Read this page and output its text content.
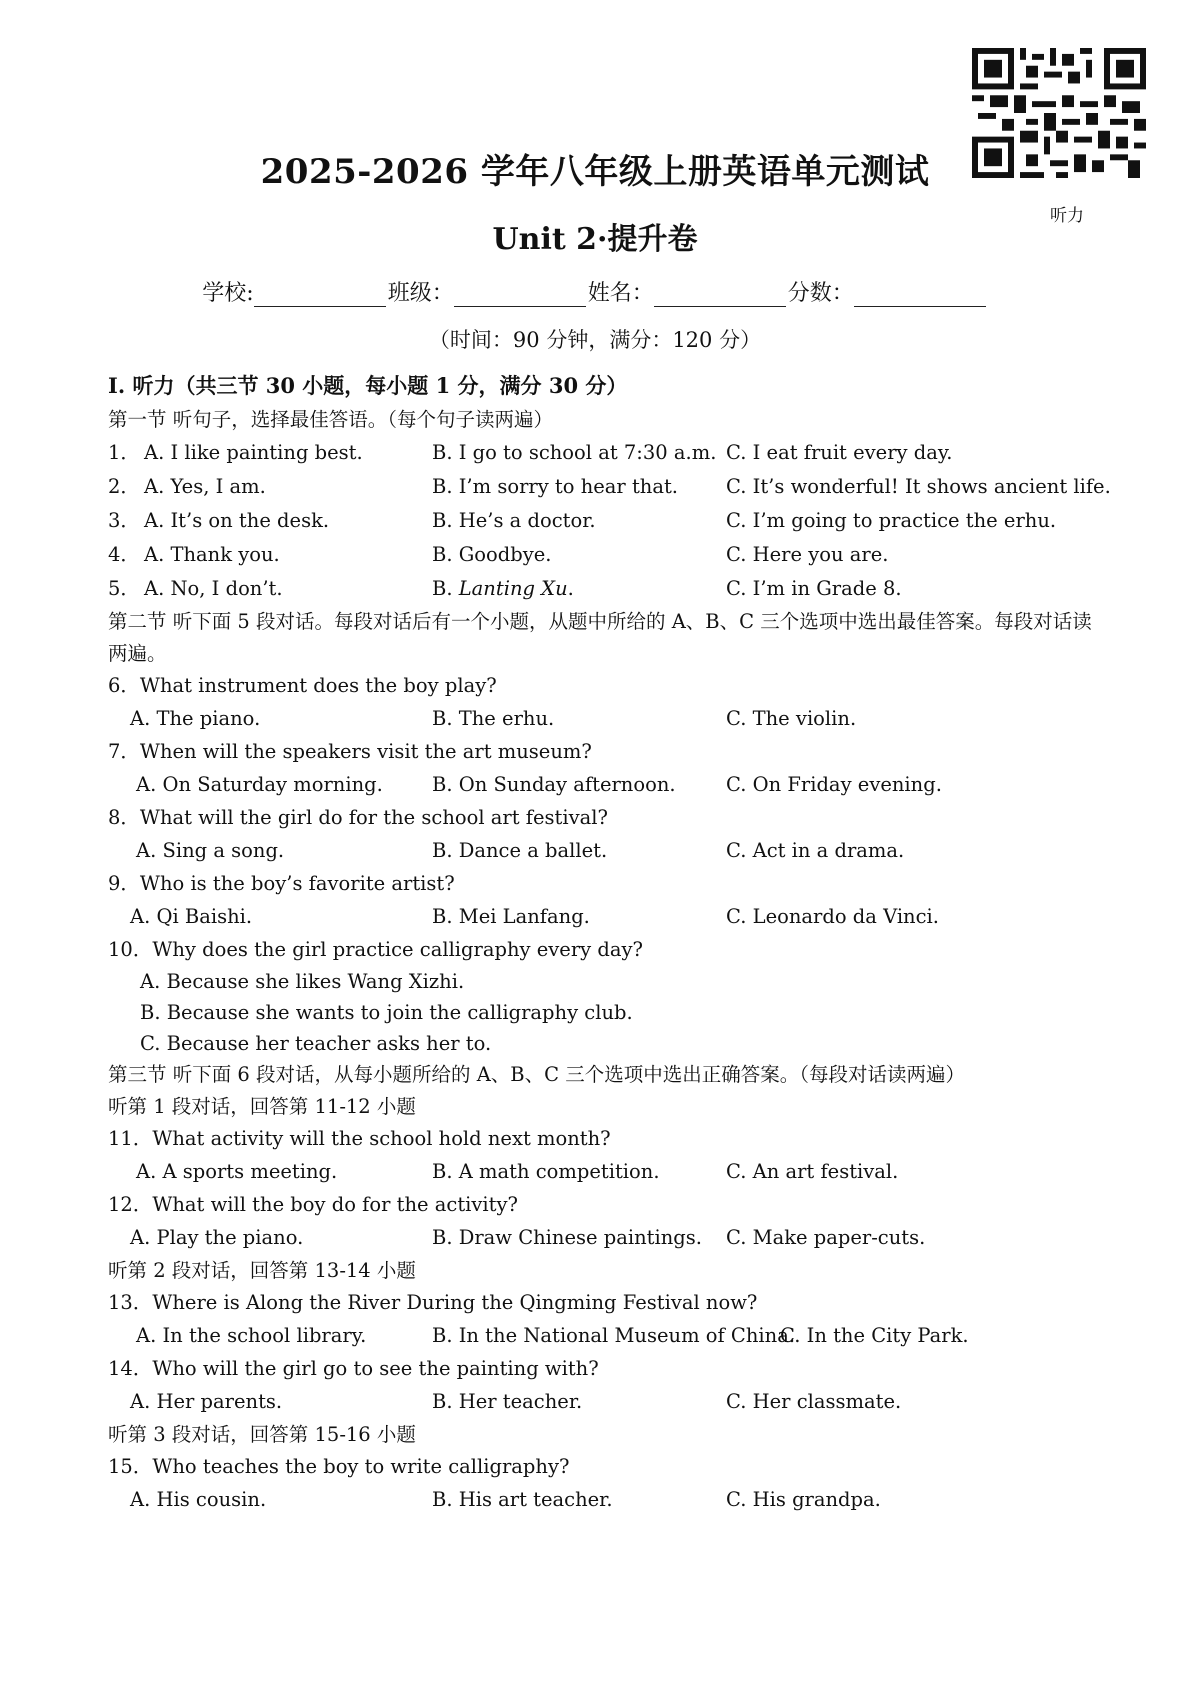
2025-2026 学年八年级上册英语单元测试
Unit 2·提升卷
听力
学校:	班级：	姓名：	分数：
（时间：90 分钟，满分：120 分）
I. 听力（共三节 30 小题，每小题 1 分，满分 30 分）
第一节 听句子，选择最佳答语。（每个句子读两遍）
1． A. I like painting best.	B. I go to school at 7:30 a.m. C. I eat fruit every day.
2． A. Yes, I am.	B. I’m sorry to hear that. C. It’s wonderful! It shows ancient life.
3． A. It’s on the desk.	B. He’s a doctor.	C. I’m going to practice the erhu.
4． A. Thank you.	B. Goodbye.	C. Here you are.
5． A. No, I don’t.	B. Lanting Xu.	C. I’m in Grade 8.
第二节 听下面 5 段对话。每段对话后有一个小题，从题中所给的 A、B、C 三个选项中选出最佳答案。每段对话读两遍。
6．What instrument does the boy play?
A. The piano.	B. The erhu.	C. The violin.
7．When will the speakers visit the art museum?
A. On Saturday morning.	B. On Sunday afternoon.	C. On Friday evening.
8．What will the girl do for the school art festival?
A. Sing a song.	B. Dance a ballet.	C. Act in a drama.
9．Who is the boy’s favorite artist?
A. Qi Baishi.	B. Mei Lanfang.	C. Leonardo da Vinci.
10．Why does the girl practice calligraphy every day?
A. Because she likes Wang Xizhi.
B. Because she wants to join the calligraphy club.
C. Because her teacher asks her to.
第三节 听下面 6 段对话，从每小题所给的 A、B、C 三个选项中选出正确答案。（每段对话读两遍）
听第 1 段对话，回答第 11-12 小题
11．What activity will the school hold next month?
A. A sports meeting.	B. A math competition.	C. An art festival.
12．What will the boy do for the activity?
A. Play the piano.	B. Draw Chinese paintings. C. Make paper-cuts.
听第 2 段对话，回答第 13-14 小题
13．Where is Along the River During the Qingming Festival now?
A. In the school library.	B. In the National Museum of China.
C. In the City Park.
14．Who will the girl go to see the painting with?
A. Her parents.	B. Her teacher.	C. Her classmate.
听第 3 段对话，回答第 15-16 小题
15．Who teaches the boy to write calligraphy?
A. His cousin.	B. His art teacher.	C. His grandpa.
